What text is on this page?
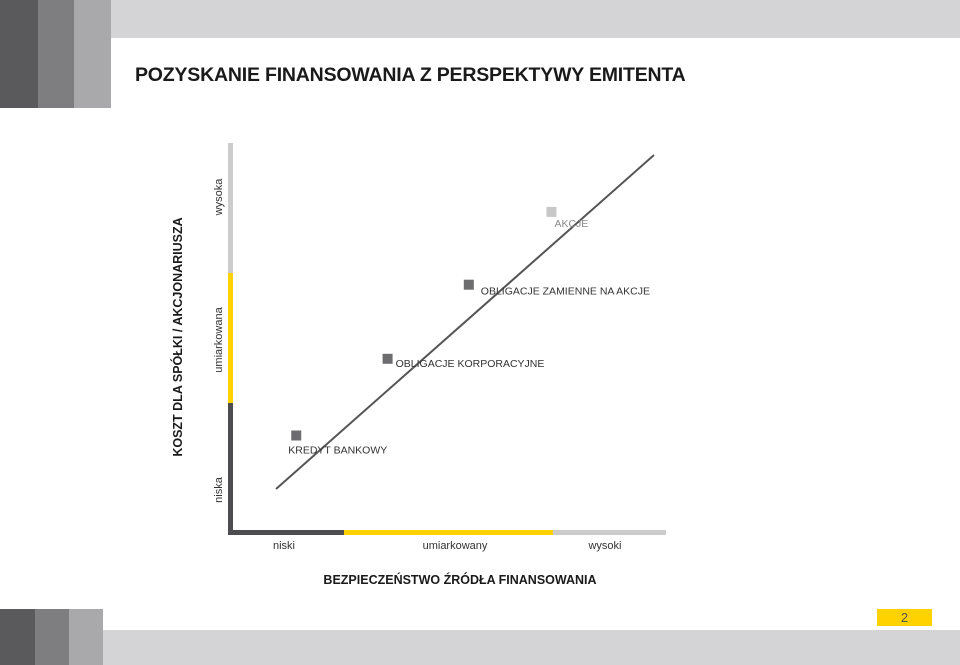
POZYSKANIE FINANSOWANIA Z PERSPEKTYWY EMITENTA
KREDYT BANKOWY
OBLIGACJE KORPORACYJNE
OBLIGACJE ZAMIENNE NA AKCJE
AKCJE
niska
umiarkowana
wysoka
niski	umiarkowany	wysoki
KOSZT DLA SPÓŁKI / AKCJONARIUSZA
BEZPIECZEŃSTWO ŹRÓDŁA FINANSOWANIA
2
